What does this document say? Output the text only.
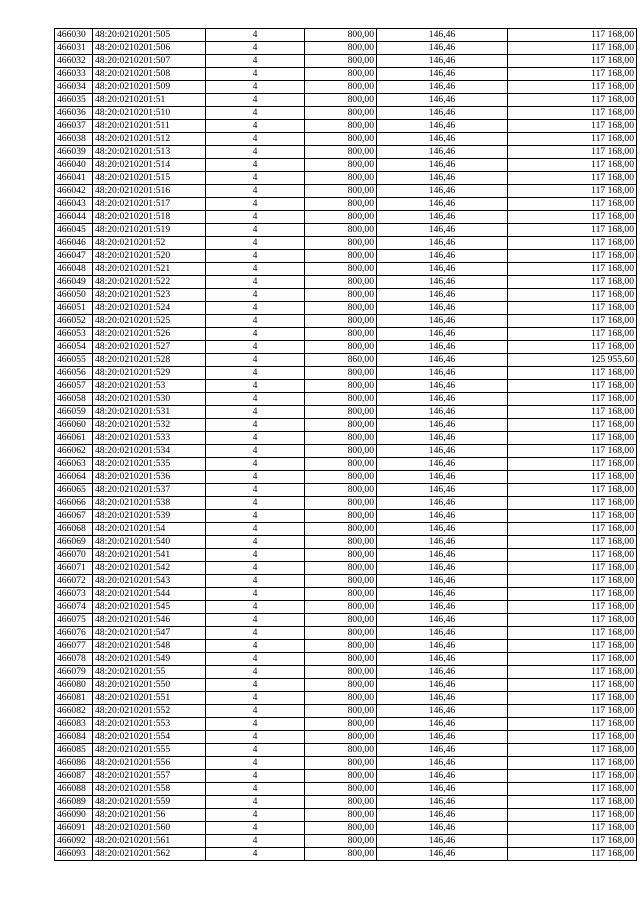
466030	48:20:0210201:505	4	800,00	146,46	117 168,00
466031	48:20:0210201:506	4	800,00	146,46	117 168,00
466032	48:20:0210201:507	4	800,00	146,46	117 168,00
466033	48:20:0210201:508	4	800,00	146,46	117 168,00
466034	48:20:0210201:509	4	800,00	146,46	117 168,00
466035	48:20:0210201:51	4	800,00	146,46	117 168,00
466036	48:20:0210201:510	4	800,00	146,46	117 168,00
466037	48:20:0210201:511	4	800,00	146,46	117 168,00
466038	48:20:0210201:512	4	800,00	146,46	117 168,00
466039	48:20:0210201:513	4	800,00	146,46	117 168,00
466040	48:20:0210201:514	4	800,00	146,46	117 168,00
466041	48:20:0210201:515	4	800,00	146,46	117 168,00
466042	48:20:0210201:516	4	800,00	146,46	117 168,00
466043	48:20:0210201:517	4	800,00	146,46	117 168,00
466044	48:20:0210201:518	4	800,00	146,46	117 168,00
466045	48:20:0210201:519	4	800,00	146,46	117 168,00
466046	48:20:0210201:52	4	800,00	146,46	117 168,00
466047	48:20:0210201:520	4	800,00	146,46	117 168,00
466048	48:20:0210201:521	4	800,00	146,46	117 168,00
466049	48:20:0210201:522	4	800,00	146,46	117 168,00
466050	48:20:0210201:523	4	800,00	146,46	117 168,00
466051	48:20:0210201:524	4	800,00	146,46	117 168,00
466052	48:20:0210201:525	4	800,00	146,46	117 168,00
466053	48:20:0210201:526	4	800,00	146,46	117 168,00
466054	48:20:0210201:527	4	800,00	146,46	117 168,00
466055	48:20:0210201:528	4	860,00	146,46	125 955,60
466056	48:20:0210201:529	4	800,00	146,46	117 168,00
466057	48:20:0210201:53	4	800,00	146,46	117 168,00
466058	48:20:0210201:530	4	800,00	146,46	117 168,00
466059	48:20:0210201:531	4	800,00	146,46	117 168,00
466060	48:20:0210201:532	4	800,00	146,46	117 168,00
466061	48:20:0210201:533	4	800,00	146,46	117 168,00
466062	48:20:0210201:534	4	800,00	146,46	117 168,00
466063	48:20:0210201:535	4	800,00	146,46	117 168,00
466064	48:20:0210201:536	4	800,00	146,46	117 168,00
466065	48:20:0210201:537	4	800,00	146,46	117 168,00
466066	48:20:0210201:538	4	800,00	146,46	117 168,00
466067	48:20:0210201:539	4	800,00	146,46	117 168,00
466068	48:20:0210201:54	4	800,00	146,46	117 168,00
466069	48:20:0210201:540	4	800,00	146,46	117 168,00
466070	48:20:0210201:541	4	800,00	146,46	117 168,00
466071	48:20:0210201:542	4	800,00	146,46	117 168,00
466072	48:20:0210201:543	4	800,00	146,46	117 168,00
466073	48:20:0210201:544	4	800,00	146,46	117 168,00
466074	48:20:0210201:545	4	800,00	146,46	117 168,00
466075	48:20:0210201:546	4	800,00	146,46	117 168,00
466076	48:20:0210201:547	4	800,00	146,46	117 168,00
466077	48:20:0210201:548	4	800,00	146,46	117 168,00
466078	48:20:0210201:549	4	800,00	146,46	117 168,00
466079	48:20:0210201:55	4	800,00	146,46	117 168,00
466080	48:20:0210201:550	4	800,00	146,46	117 168,00
466081	48:20:0210201:551	4	800,00	146,46	117 168,00
466082	48:20:0210201:552	4	800,00	146,46	117 168,00
466083	48:20:0210201:553	4	800,00	146,46	117 168,00
466084	48:20:0210201:554	4	800,00	146,46	117 168,00
466085	48:20:0210201:555	4	800,00	146,46	117 168,00
466086	48:20:0210201:556	4	800,00	146,46	117 168,00
466087	48:20:0210201:557	4	800,00	146,46	117 168,00
466088	48:20:0210201:558	4	800,00	146,46	117 168,00
466089	48:20:0210201:559	4	800,00	146,46	117 168,00
466090	48:20:0210201:56	4	800,00	146,46	117 168,00
466091	48:20:0210201:560	4	800,00	146,46	117 168,00
466092	48:20:0210201:561	4	800,00	146,46	117 168,00
466093	48:20:0210201:562	4	800,00	146,46	117 168,00
